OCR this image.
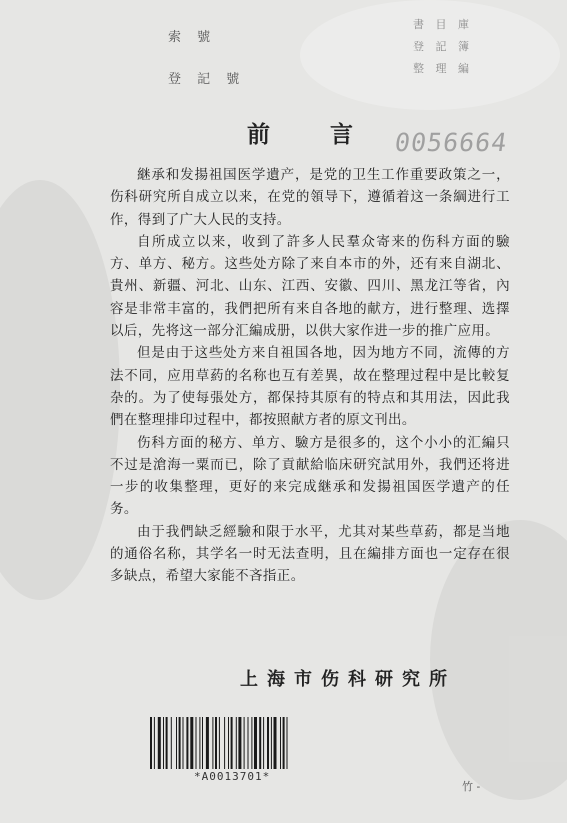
索 號
登 記 號
書 目 庫
登 記 簿
整 理 編
0056664
前 言

継承和发揚祖国医学遺产，是党的卫生工作重要政策之一，伤科研究所自成立以来，在党的領导下，遵循着这一条綱进行工作，得到了广大人民的支持。

自所成立以来，收到了許多人民羣众寄来的伤科方面的驗方、单方、秘方。这些处方除了来自本市的外，还有来自湖北、貴州、新疆、河北、山东、江西、安徽、四川、黑龙江等省，內容是非常丰富的，我們把所有来自各地的献方，进行整理、选擇以后，先将这一部分汇編成册，以供大家作进一步的推广应用。

但是由于这些处方来自祖国各地，因为地方不同，流傳的方法不同，应用草葯的名称也互有差異，故在整理过程中是比較复杂的。为了使每張处方，都保持其原有的特点和其用法，因此我們在整理排印过程中，都按照献方者的原文刊出。

伤科方面的秘方、单方、驗方是很多的，这个小小的汇編只不过是滄海一粟而已，除了貢献給临床研究試用外，我們还将进一步的收集整理，更好的来完成継承和发揚祖国医学遺产的任务。

由于我們缺乏經驗和限于水平，尤其对某些草葯，都是当地的通俗名称，其学名一时无法查明，且在編排方面也一定存在很多缺点，希望大家能不吝指正。

上海市伤科研究所
*A0013701*
竹 -
